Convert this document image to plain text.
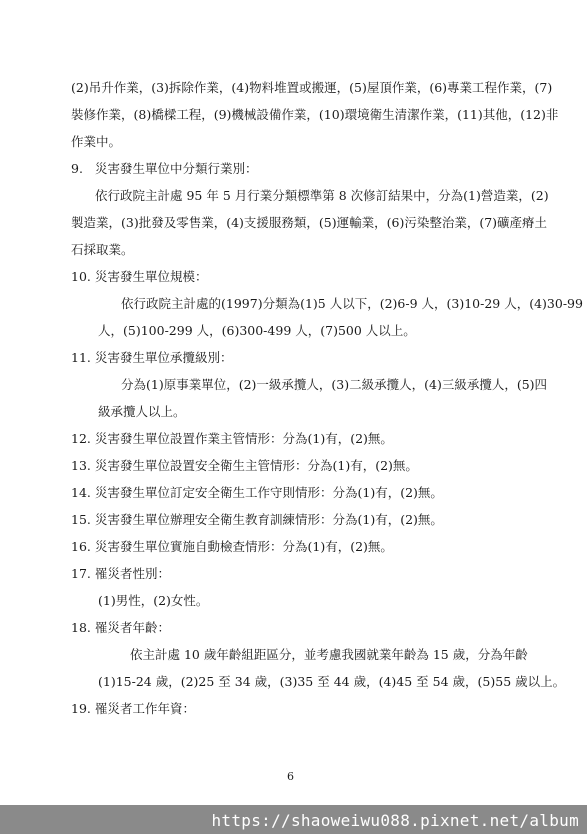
(2)吊升作業，(3)拆除作業，(4)物料堆置或搬運，(5)屋頂作業，(6)專業工程作業，(7)
裝修作業，(8)橋樑工程，(9)機械設備作業，(10)環境衛生清潔作業，(11)其他，(12)非
作業中。
9. 災害發生單位中分類行業別：
依行政院主計處 95 年 5 月行業分類標準第 8 次修訂結果中，分為(1)營造業，(2)
製造業，(3)批發及零售業，(4)支援服務類，(5)運輸業，(6)污染整治業，(7)礦產瘠土
石採取業。
10. 災害發生單位規模：
依行政院主計處的(1997)分類為(1)5 人以下，(2)6-9 人，(3)10-29 人，(4)30-99
人，(5)100-299 人，(6)300-499 人，(7)500 人以上。
11. 災害發生單位承攬級別：
分為(1)原事業單位，(2)一級承攬人，(3)二級承攬人，(4)三級承攬人，(5)四
級承攬人以上。
12. 災害發生單位設置作業主管情形：分為(1)有，(2)無。
13. 災害發生單位設置安全衛生主管情形：分為(1)有，(2)無。
14. 災害發生單位訂定安全衛生工作守則情形：分為(1)有，(2)無。
15. 災害發生單位辦理安全衛生教育訓練情形：分為(1)有，(2)無。
16. 災害發生單位實施自動檢查情形：分為(1)有，(2)無。
17. 罹災者性別：
(1)男性，(2)女性。
18. 罹災者年齡：
依主計處 10 歲年齡組距區分，並考慮我國就業年齡為 15 歲，分為年齡
(1)15-24 歲，(2)25 至 34 歲，(3)35 至 44 歲，(4)45 至 54 歲，(5)55 歲以上。
19. 罹災者工作年資：
6
https://shaoweiwu088.pixnet.net/album
